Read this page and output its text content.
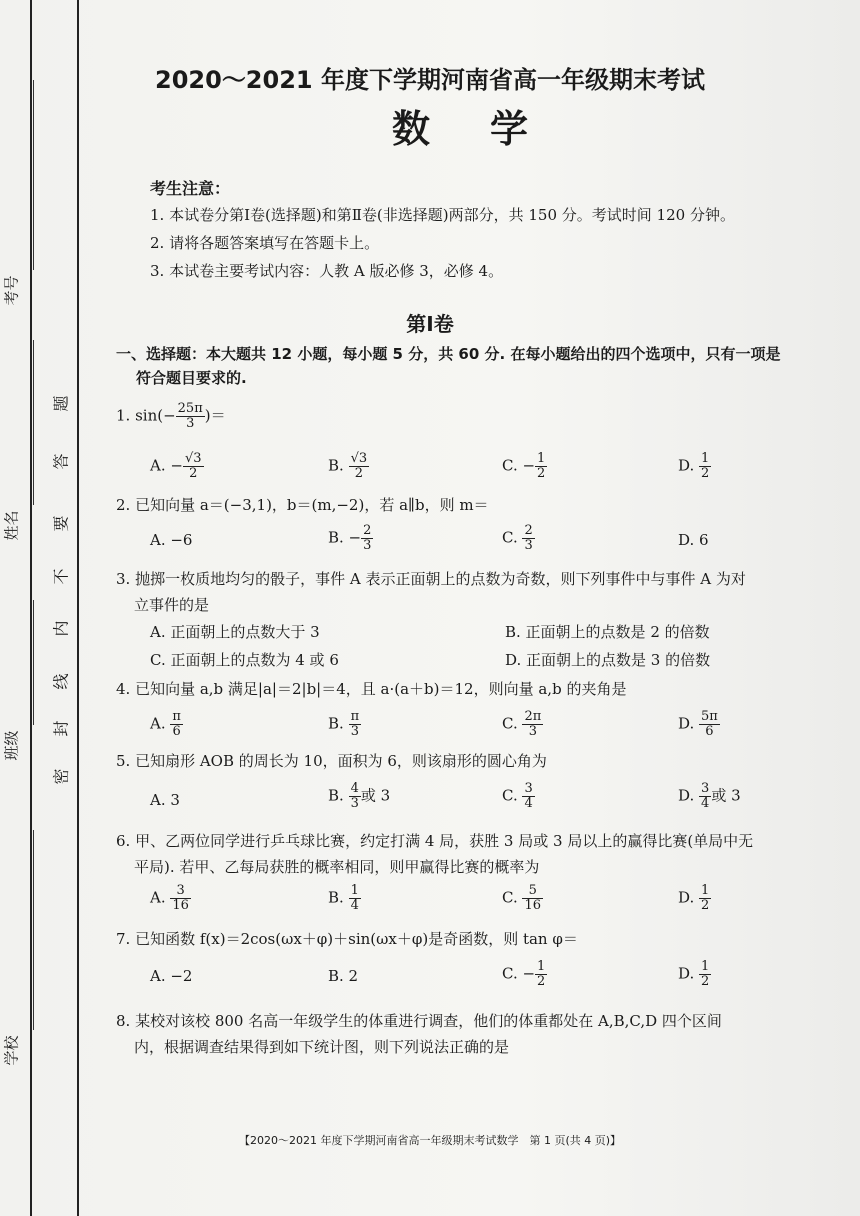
学校
班级
姓名
考号
密
封
线
内
不
要
答
题
2020～2021 年度下学期河南省高一年级期末考试
数学
考生注意：
1. 本试卷分第Ⅰ卷(选择题)和第Ⅱ卷(非选择题)两部分，共 150 分。考试时间 120 分钟。
2. 请将各题答案填写在答题卡上。
3. 本试卷主要考试内容：人教 A 版必修 3，必修 4。
第Ⅰ卷
一、选择题：本大题共 12 小题，每小题 5 分，共 60 分. 在每小题给出的四个选项中，只有一项是
符合题目要求的.
1. $\sin(- \frac{25\pi}{3}$ )＝
A. − $\frac{√3}{2}$	B. $\frac{√3}{2}$	C. − $\frac{1}{2}$	D. $\frac{1}{2}$
2. 已知向量 a＝(−3,1)，b＝(m,−2)，若 a∥b，则 m＝
A. −6	B. − $\frac{2}{3}$	C. $\frac{2}{3}$	D. 6
3. 抛掷一枚质地均匀的骰子，事件 A 表示正面朝上的点数为奇数，则下列事件中与事件 A 为对
立事件的是
A. 正面朝上的点数大于 3	B. 正面朝上的点数是 2 的倍数
C. 正面朝上的点数为 4 或 6	D. 正面朝上的点数是 3 的倍数
4. 已知向量 a,b 满足|a|＝2|b|＝4，且 a·(a＋b)＝12，则向量 a,b 的夹角是
A. $\frac{\pi}{6}$	B. $\frac{\pi}{3}$	C. $\frac{2\pi}{3}$	D. $\frac{5\pi}{6}$
5. 已知扇形 AOB 的周长为 10，面积为 6，则该扇形的圆心角为
A. 3	B. $\frac{4}{3}$ 或 3	C. $\frac{3}{4}$	D. $\frac{3}{4}$ 或 3
6. 甲、乙两位同学进行乒乓球比赛，约定打满 4 局，获胜 3 局或 3 局以上的赢得比赛(单局中无
平局). 若甲、乙每局获胜的概率相同，则甲赢得比赛的概率为
A. $\frac{3}{16}$	B. $\frac{1}{4}$	C. $\frac{5}{16}$	D. $\frac{1}{2}$
7. 已知函数 f(x)＝2cos(ωx＋φ)＋sin(ωx＋φ)是奇函数，则 tan φ＝
A. −2	B. 2	C. − $\frac{1}{2}$	D. $\frac{1}{2}$
8. 某校对该校 800 名高一年级学生的体重进行调查，他们的体重都处在 A,B,C,D 四个区间
内，根据调查结果得到如下统计图，则下列说法正确的是
【2020～2021 年度下学期河南省高一年级期末考试数学　第 1 页(共 4 页)】
